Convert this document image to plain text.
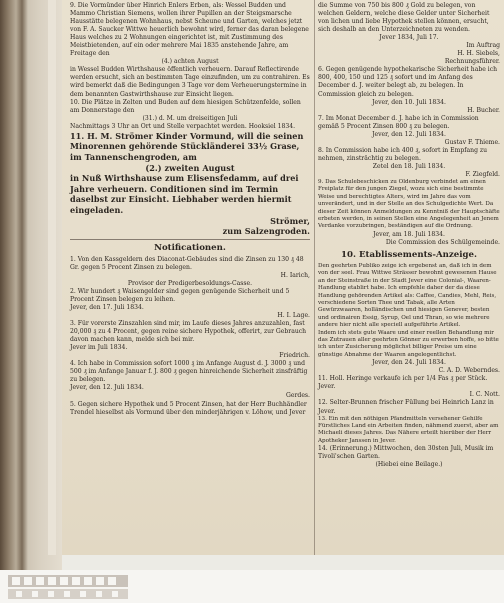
9. Die Vormünder über Hinrich Enlers Erben, als: Wessel Budden und Mammo Christian Siemens, wollen ihrer Pupillen an der Steigsmarsche Hausstätte belegenen Wohnhaus, nebst Scheune und Garten, welches jetzt von F. A. Saucker Wittwe heuerlich bewohnt wird, ferner das daran belegene Haus welches zu 2 Wohnungen eingerichtet ist, mit Zustimmung des Meistbietenden, auf ein oder mehrere Mai 1835 anstehende Jahre, am Freitage den

(4.) achten August

in Wessel Budden Wirthshause öffentlich verheuern. Darauf Reflectirende werden ersucht, sich an bestimmten Tage einzufinden, um zu contrahiren. Es wird bemerkt daß die Bedingungen 3 Tage vor dem Verheuerungstermine in dem benannten Gastwirthshause zur Einsicht liegen.

10. Die Plätze in Zelten und Buden auf dem hiesigen Schützenfelde, sollen am Donnerstage den

(31.) d. M. um dreiseitigen Juli

Nachmittags 3 Uhr an Ort und Stelle verpachtet werden. Hooksiel 1834.

11. H. M. Strömer Kinder Vormund, will die seinen Minorennen gehörende Stückländerei 33½ Grase, im Tannenschengroden, am

(2.) zweiten August

in Nuß Wirthshause zum Elisensfedamm, auf drei Jahre verheuern. Conditionen sind im Termin daselbst zur Einsicht. Liebhaber werden hiermit eingeladen.

Strömer,

zum Salzengroden.

Notificationen.

1. Von den Kassgeldern des Diaconat-Gebäudes sind die Zinsen zu 130 ₰ 48 Gr. gegen 5 Procent Zinsen zu belegen.

H. Iarich,

Provisor der Predigerbesoldungs-Casse.

2. Wir hundert ₰ Waisengelder sind gegen genügende Sicherheit und 5 Procent Zinsen belegen zu leihen.

Jever, den 17. Juli 1834.

H. I. Lage.

3. Für vorerste Zinszahlen sind mir, im Laufe dieses Jahres anzuzahlen, fast 20,000 ₰ zu 4 Procent, gegen reine sichere Hypothek, offerirt, zur Gebrauch davon machen kann, melde sich bei mir.

Jever im Juli 1834.

Friedrich.

4. Ich habe in Commission sofort 1000 ₰ im Anfange August d. J. 3000 ₰ und 500 ₰ im Anfange Januar f. J. 800 ₰ gegen hinreichende Sicherheit zinsfräftig zu belegen.

Jever, den 12. Juli 1834.

Gerdes.

5. Gegen sichere Hypothek und 5 Procent Zinsen, hat der Herr Buchhändler Trendel hieselbst als Vormund über den minderjährigen v. Löhow, und Jever

die Summe von 750 bis 800 ₰ Gold zu belegen, von welchen Geldern, welche diese Gelder unter Sicherheit von lichen und liebe Hypothek stellen können, ersucht, sich deshalb an den Unterzeichneten zu wenden.

Jever 1834, Juli 17.

Im Auftrag

H. H. Siebels,

Rechnungsführer.

6. Gegen genügende hypothekarische Sicherheit habe ich 800, 400, 150 und 125 ₰ sofort und im Anfang des December d. J. weiter belegt ab, zu belegen. In Commission gleich zu belegen.

Jever, den 10. Juli 1834.

H. Bucher.

7. Im Monat December d. J. habe ich in Commission gemäß 5 Procent Zinsen 800 ₰ zu belegen.

Jever, den 12. Juli 1834.

Gustav F. Thieme.

8. In Commission habe ich 400 ₰, sofort in Empfang zu nehmen, zinsträchtig zu belegen.

Zetel den 18. Juli 1834.

F. Ziegfeld.

9. Das Schulebeschicken zu Oldenburg verbindet am einen Freiplatz für den jungen Ziegel, wozu sich eine bestimmte Weise und berechtigtes Alters, wird im Jahre das vom unverändert, und in der Stelle an des Schulgedichte Wert. Da dieser Zeit können Anmeldungen zu Kenntniß der Hauptschäfte erbeten werden, in seinen Stellen eine Angelegenheit an Jenem Verdanke vorzubringen, beständigen auf die Ordnung.

Jever, am 18. Juli 1834.

Die Commission des Schülgemeinde.

10. Etablissements-Anzeige.

Den geehrten Publiko zeige ich ergebenst an, daß ich in dem von der seel. Frau Wittwe Strässer bewohnt gewesenen Hause an der Steinstraße in der Stadt Jever eine Colonial-, Waaren-Handlung etablirt habe. Ich empfehle daher der da diese Handlung gehörenden Artikel als: Caffee, Candies, Mehl, Reis, verschiedene Sorten Thee und Tabak, alle Arten Gewürzwaaren, holländischen und hiesigen Genever, besten und ordinairen Essig, Syrup, Oel und Thran, so wie mehrere andere hier nicht alle speciell aufgeführte Artikel.

Indem ich stets gute Waare und einer reellen Behandlung mir das Zutrauen aller geehrten Gönner zu erwerben hoffe, so bitte ich unter Zusicherung möglichst billiger Preise um eine günstige Abnahme der Waaren angelegentlichst.

Jever, den 24. Juli 1834.

C. A. D. Weberndes.

11. Holl. Heringe verkaufe ich per 1/4 Fas ₰ per Stück.

Jever.

I. C. Nott.

12. Selter-Brunnen frischer Füllung bei Heinrich Lanz in Jever.

13. Ein mit den nöthigen Pfandmitteln versehener Gehilfe Fürstliches Land ein Arbeiten finden, nähmend zuerst, aber am Michaeli dieses Jahres. Das Nähere erteilt hierüber der Herr Apotheker Janssen in Jever.

14. (Erinnerung.) Mittwochen, den 30sten Juli, Musik im Tivoli'schen Garten.

(Hiebei eine Beilage.)
